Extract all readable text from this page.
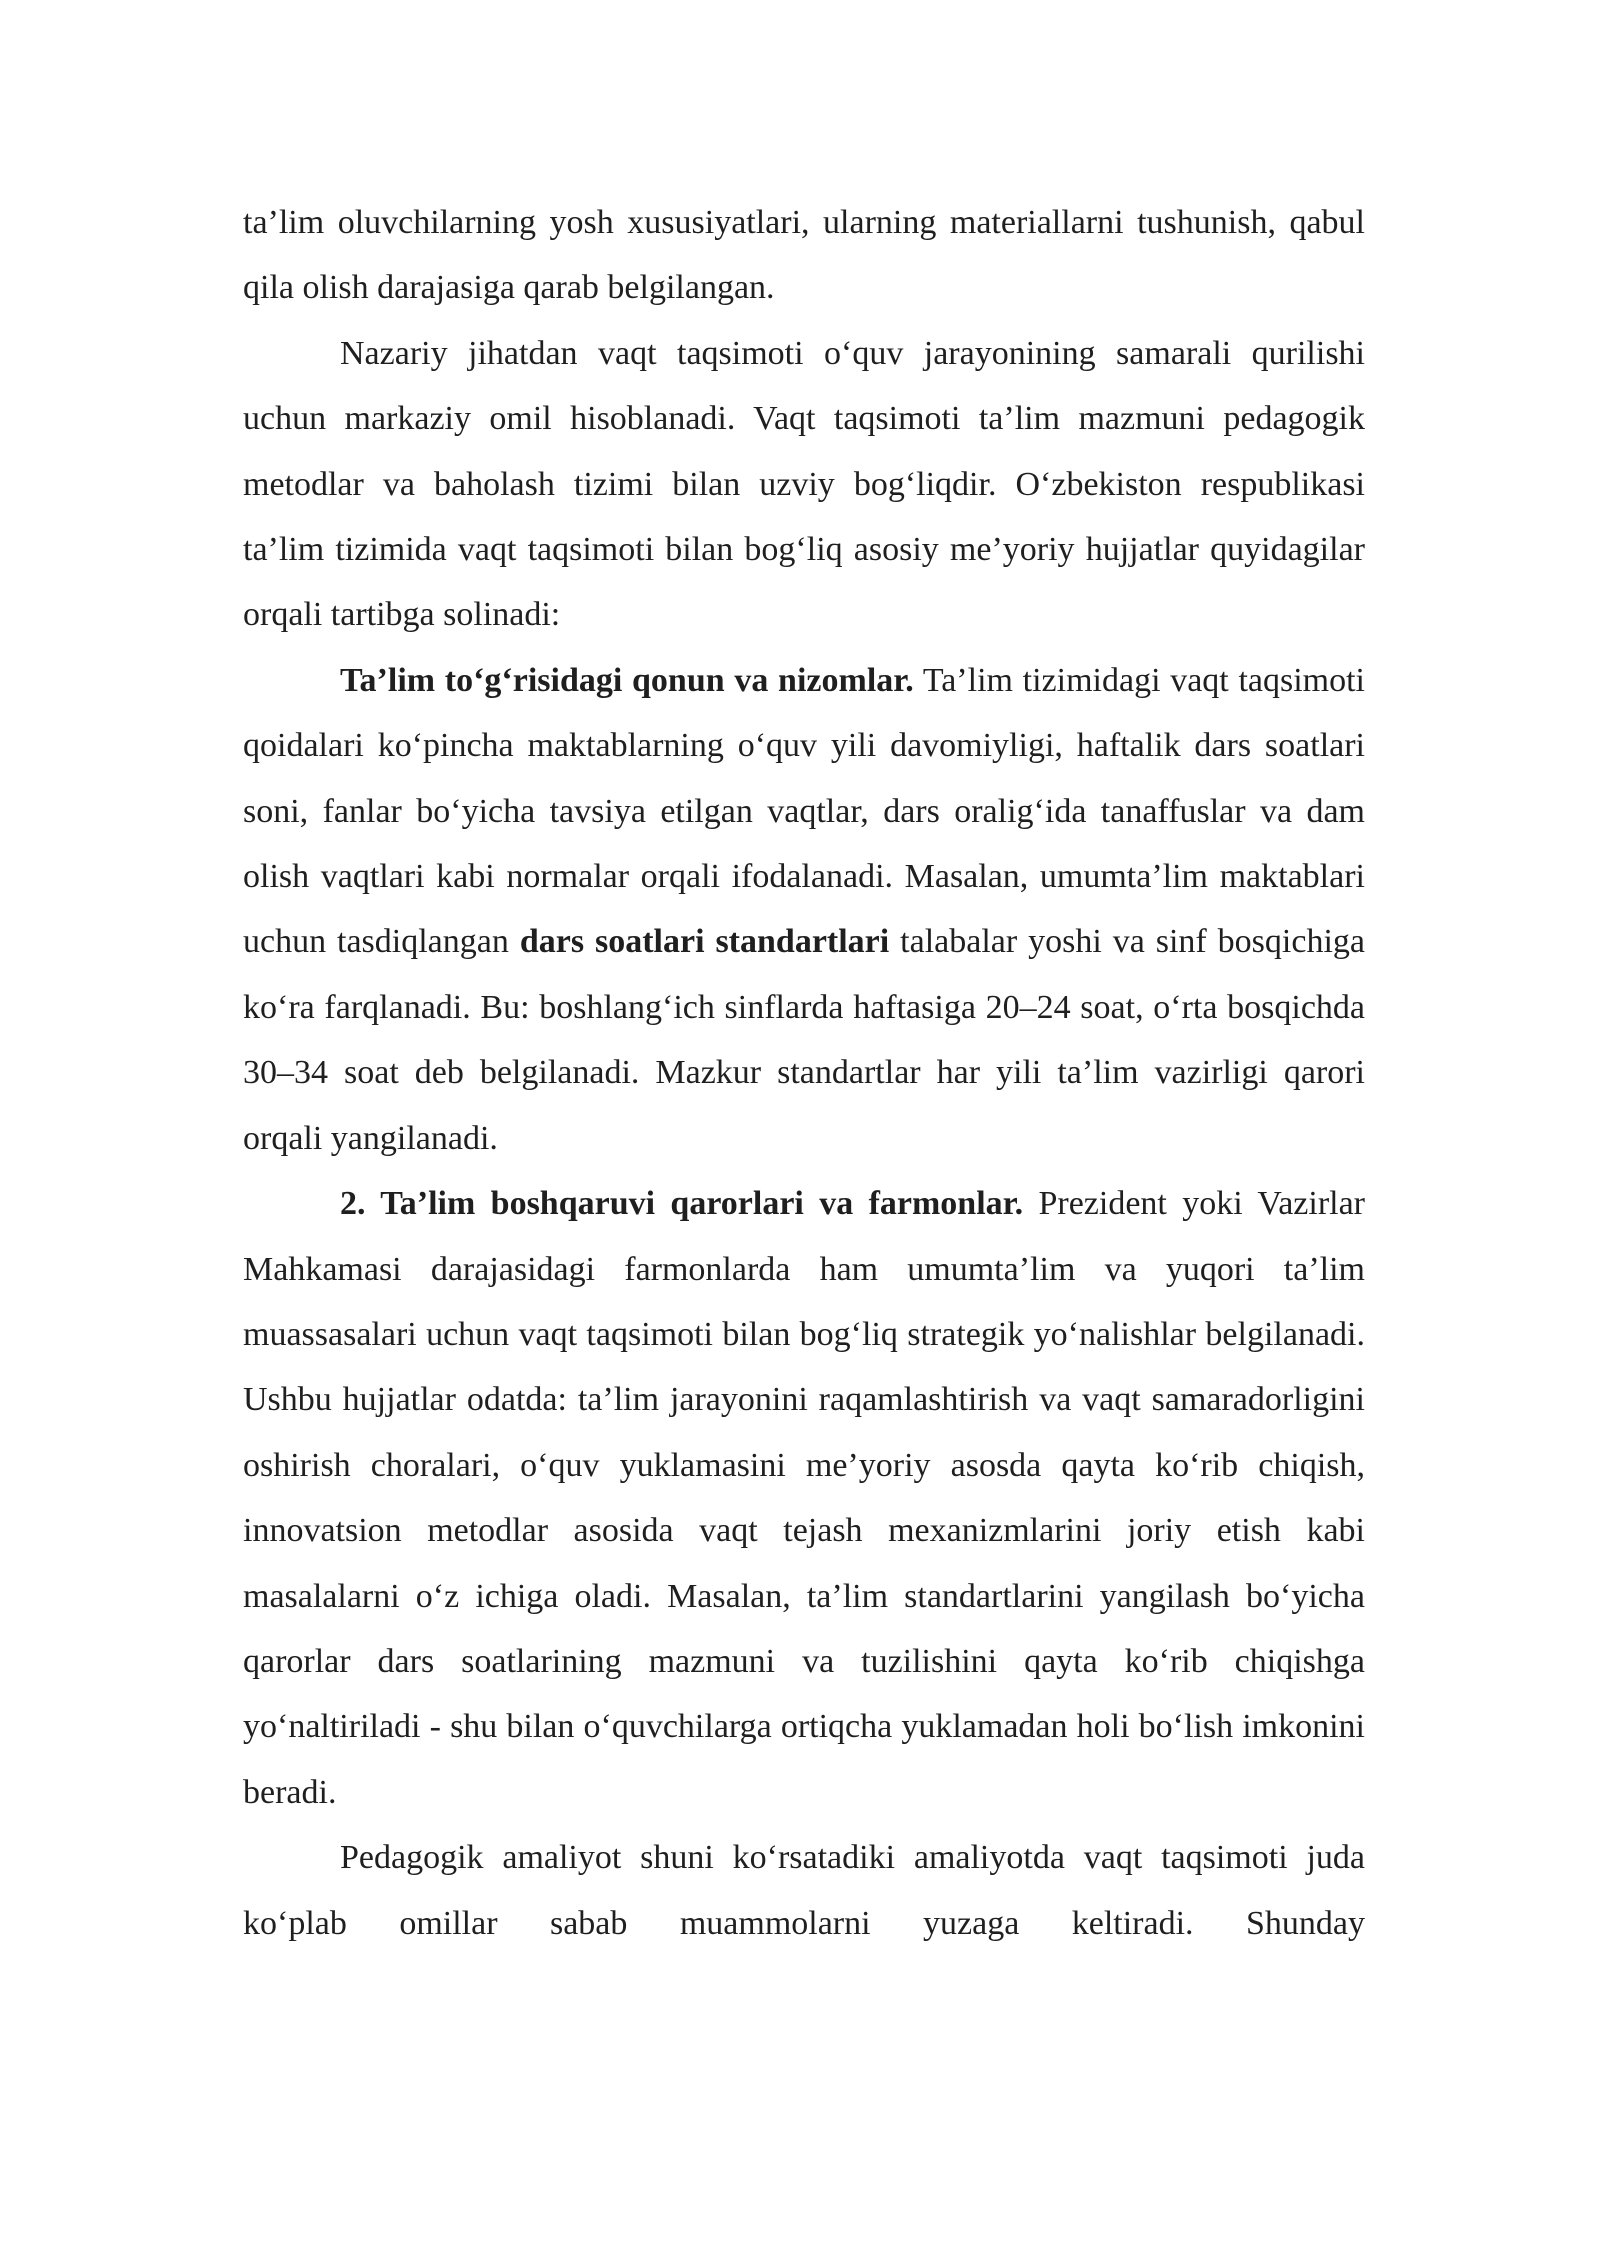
ta’lim oluvchilarning yosh xususiyatlari, ularning materiallarni tushunish, qabul qila olish darajasiga qarab belgilangan.

Nazariy jihatdan vaqt taqsimoti o‘quv jarayonining samarali qurilishi uchun markaziy omil hisoblanadi. Vaqt taqsimoti ta’lim mazmuni pedagogik metodlar va baholash tizimi bilan uzviy bog‘liqdir. O‘zbekiston respublikasi ta’lim tizimida vaqt taqsimoti bilan bog‘liq asosiy me’yoriy hujjatlar quyidagilar orqali tartibga solinadi:

Ta’lim to‘g‘risidagi qonun va nizomlar. Ta’lim tizimidagi vaqt taqsimoti qoidalari ko‘pincha maktablarning o‘quv yili davomiyligi, haftalik dars soatlari soni, fanlar bo‘yicha tavsiya etilgan vaqtlar, dars oralig‘ida tanaffuslar va dam olish vaqtlari kabi normalar orqali ifodalanadi. Masalan, umumta’lim maktablari uchun tasdiqlangan dars soatlari standartlari talabalar yoshi va sinf bosqichiga ko‘ra farqlanadi. Bu: boshlang‘ich sinflarda haftasiga 20–24 soat, o‘rta bosqichda 30–34 soat deb belgilanadi. Mazkur standartlar har yili ta’lim vazirligi qarori orqali yangilanadi.

2. Ta’lim boshqaruvi qarorlari va farmonlar. Prezident yoki Vazirlar Mahkamasi darajasidagi farmonlarda ham umumta’lim va yuqori ta’lim muassasalari uchun vaqt taqsimoti bilan bog‘liq strategik yo‘nalishlar belgilanadi. Ushbu hujjatlar odatda: ta’lim jarayonini raqamlashtirish va vaqt samaradorligini oshirish choralari, o‘quv yuklamasini me’yoriy asosda qayta ko‘rib chiqish, innovatsion metodlar asosida vaqt tejash mexanizmlarini joriy etish kabi masalalarni o‘z ichiga oladi. Masalan, ta’lim standartlarini yangilash bo‘yicha qarorlar dars soatlarining mazmuni va tuzilishini qayta ko‘rib chiqishga yo‘naltiriladi - shu bilan o‘quvchilarga ortiqcha yuklamadan holi bo‘lish imkonini beradi.

Pedagogik amaliyot shuni ko‘rsatadiki amaliyotda vaqt taqsimoti juda ko‘plab omillar sabab muammolarni yuzaga keltiradi. Shunday
